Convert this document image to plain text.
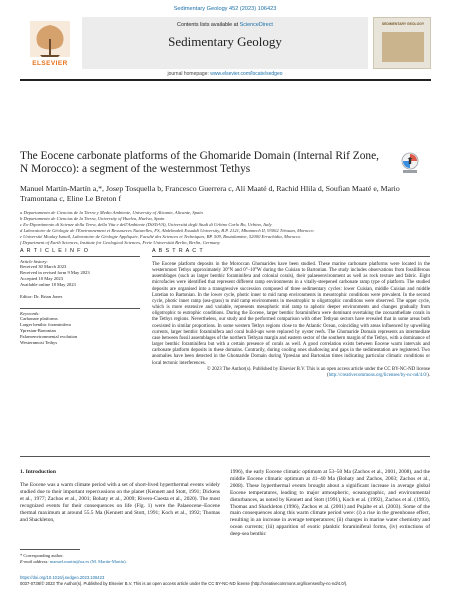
Sedimentary Geology 452 (2023) 106423
ELSEVIER
Contents lists available at ScienceDirect
Sedimentary Geology
SEDIMENTARY GEOLOGY
journal homepage: www.elsevier.com/locate/sedgeo
The Eocene carbonate platforms of the Ghomaride Domain (Internal Rif Zone, N Morocco): a segment of the westernmost Tethys
Manuel Martín-Martín a,*, Josep Tosquella b, Francesco Guerrera c, Alí Maaté d, Rachid Hlila d, Soufian Maaté e, Mario Tramontana c, Eline Le Breton f
a Departamento de Ciencias de la Tierra y Medio Ambiente, University of Alicante, Alicante, Spain
b Departamento de Ciencias de la Tierra, University of Huelva, Huelva, Spain
c Ex-Dipartimento di Scienze della Terra, della Vita e dell'Ambiente (DiSTeVA), Università degli Studi di Urbino Carlo Bo, Urbino, Italy
d Laboratoire de Géologie de l'Environnement et Ressources Naturelles, FS, Abdelmalek Essaâdi University, B.P. 2121, Mhannech II, 93002 Tétouan, Morocco
e Université Moulay Ismaïl, Laboratoire de Géologie Appliquée, Faculté des Sciences et Techniques, BP. 509, Boutalamine, 52000 Errachidia, Morocco
f Department of Earth Sciences, Institute for Geological Sciences, Freie Universität Berlin, Berlin, Germany
A R T I C L E I N F O
Article history:
Received 30 March 2023
Received in revised form 9 May 2023
Accepted 10 May 2023
Available online 18 May 2023
Editor: Dr. Brian Jones
Keywords:
Carbonate platforms
Larger benthic foraminifera
Ypresian-Bartonian
Palaeoenvironmental evolution
Westernmost Tethys
A B S T R A C T
The Eocene platform deposits in the Moroccan Ghomarides have been studied. These marine carbonate platforms were located in the westernmost Tethys approximately 30°N and 0°–10°W during the Cuisian to Bartonian. The study includes observations from fossiliferous assemblages (such as larger benthic foraminifera and colonial corals), their palaeoenvironment as well as rock texture and fabric. Eight microfacies were identified that represent different ramp environments in a vitally-steepened carbonate ramp type of platform. The studied deposits are organised into a transgressive succession composed of three sedimentary cycles: lower Cuisian, middle Cuisian and middle Lutetian to Bartonian. In the lower cycle, photic inner to mid ramp environments in mesotrophic conditions were prevalent. In the second cycle, photic inner ramp (sea-grass) to mid ramp environments in mesotrophic to oligotrophic conditions were observed. The upper cycle, which is more extensive and variable, represents mesophotic mid ramp to aphotic deeper environments and changes gradually from oligotrophic to eutrophic conditions. During the Eocene, larger benthic foraminifera were dominant overtaking the zooxanthellate corals in the Tethys regions. Nevertheless, our study and the performed comparison with other Tethyan sectors have revealed that in some areas both coexisted in similar proportions. In some western Tethys regions close to the Atlantic Ocean, coinciding with areas influenced by upwelling currents, larger benthic foraminifera and coral build-ups were replaced by oyster reefs. The Ghomaride Domain represents an intermediate case between fossil assemblages of the northern Tethyan margin and eastern sector of the southern margin of the Tethys, with a dominance of larger benthic foraminifera but with a certain presence of corals as well. A good correlation exists between Eocene warm intervals and carbonate platform deposits in these domains. Contrarily, during cooling ones shallowing and gaps in the sedimentation are registered. Two anomalies have been detected in the Ghomaride Domain during Ypresian and Bartonian times indicating particular climatic conditions or local tectonic interferences.
© 2023 The Author(s). Published by Elsevier B.V. This is an open access article under the CC BY-NC-ND license (http://creativecommons.org/licenses/by-nc-nd/4.0/).
1. Introduction
The Eocene was a warm climate period with a set of short-lived hyperthermal events widely studied due to their important repercussions on the planet (Kennett and Stott, 1991; Dickens et al., 1977; Zachos et al., 2001; Bohaty et al., 2009; Rivero-Cuesta et al., 2020). The most recognized events for their consequences on life (Fig. 1) were the Palaeocene–Eocene thermal maximum at around 55.5 Ma (Kennett and Stott, 1991; Koch et al., 1992; Thomas and Shackleton,
1996), the early Eocene climatic optimum at 53–50 Ma (Zachos et al., 2001, 2008), and the middle Eocene climatic optimum at 41–40 Ma (Bohaty and Zachos, 2003; Zachos et al., 2008). These hyperthermal events brought about a significant increase in average global Eocene temperatures, leading to major atmospheric, oceanographic, and environmental disturbances, as noted by Kennett and Stott (1991), Koch et al. (1992), Zachos et al. (1993), Thomas and Shackleton (1996), Zachos et al. (2001) and Pujalte et al. (2003). Some of the main consequences along this warm climate period were: (i) a rise in the greenhouse effect, resulting in an increase in average temperatures; (ii) changes in marine water chemistry and ocean currents; (iii) apparition of exotic planktic foraminiferal forms, (iv) extinctions of deep-sea benthic
* Corresponding author.
E-mail address: manuel.martin@ua.es (M. Martín-Martín).
https://doi.org/10.1016/j.sedgeo.2023.106423
0037-0738/© 2023 The Author(s). Published by Elsevier B.V. This is an open access article under the CC BY-NC-ND license (http://creativecommons.org/licenses/by-nc-nd/4.0/).
